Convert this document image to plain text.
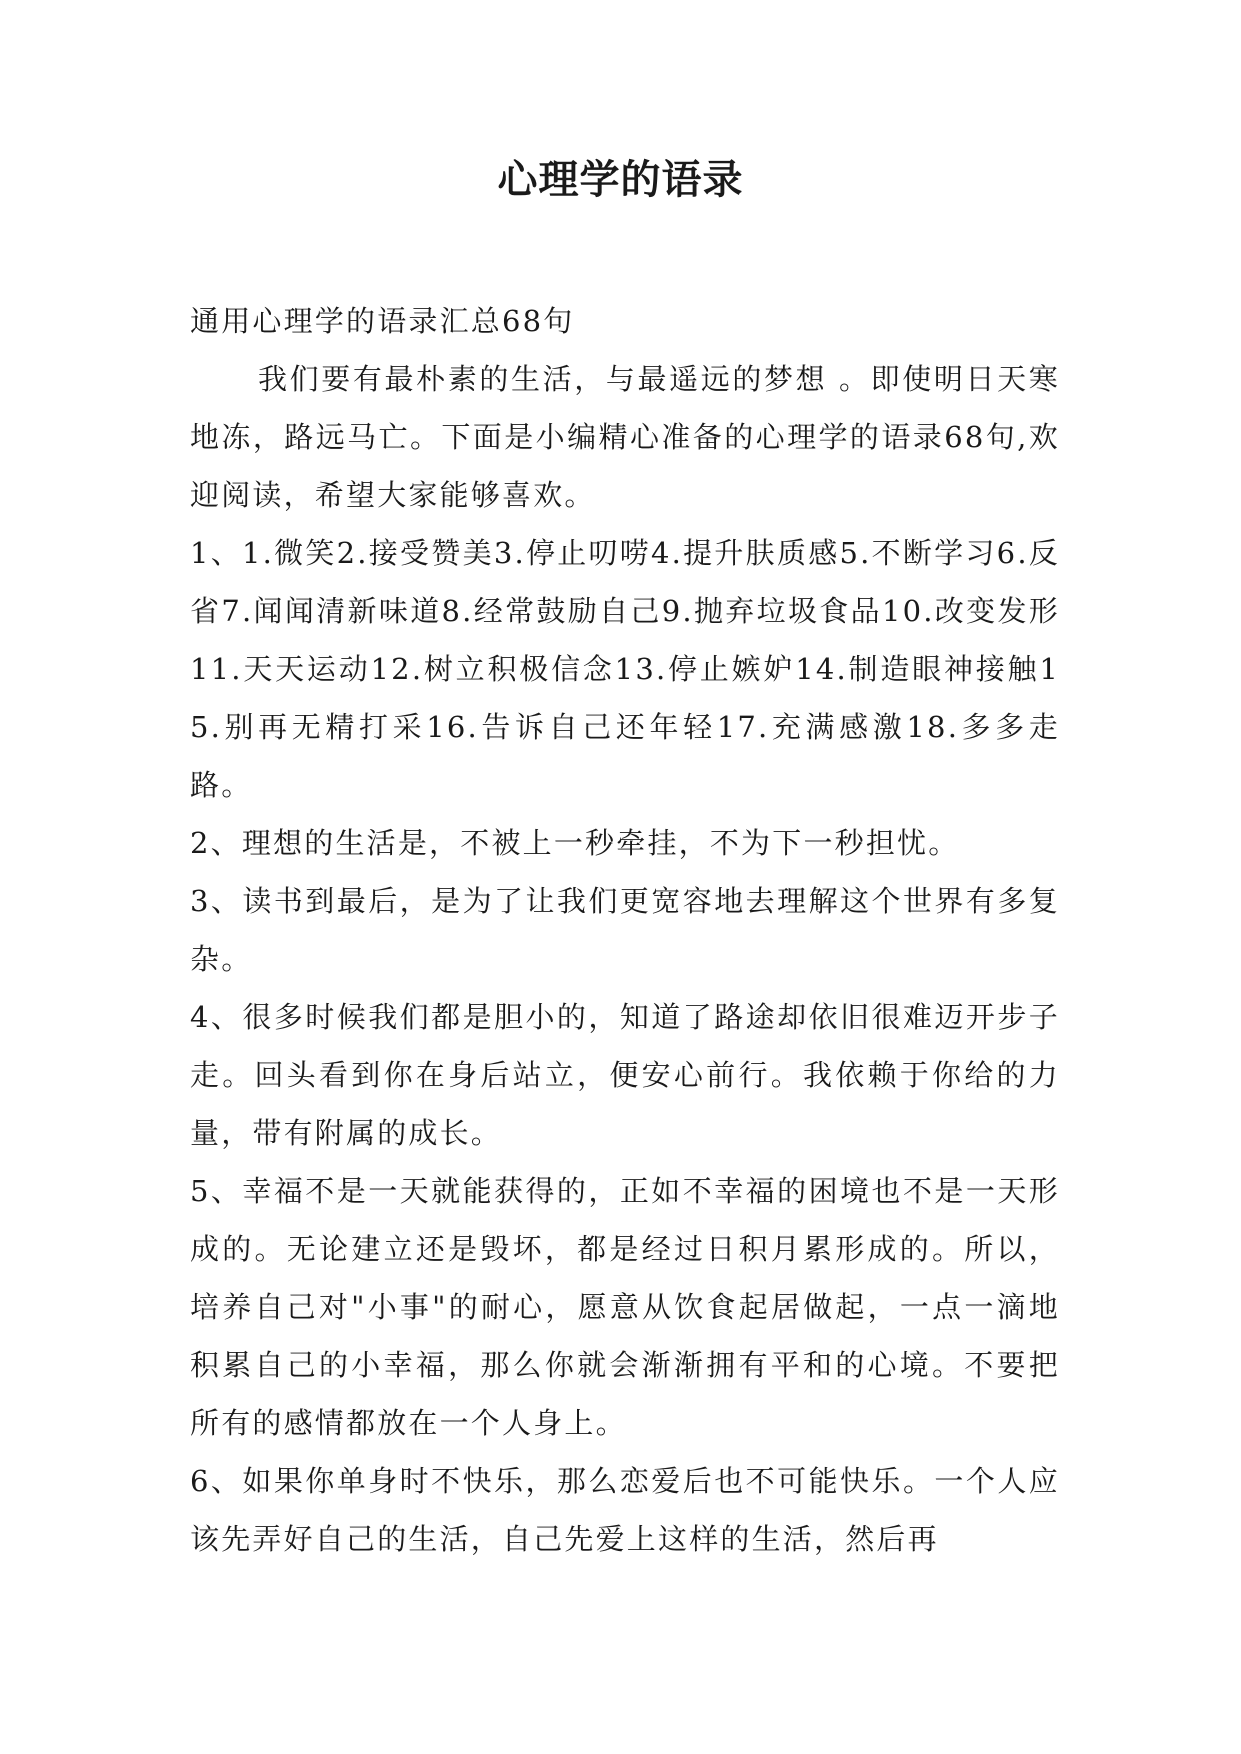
心理学的语录

通用心理学的语录汇总68句

我们要有最朴素的生活，与最遥远的梦想 。即使明日天寒地冻，路远马亡。下面是小编精心准备的心理学的语录68句,欢迎阅读，希望大家能够喜欢。

1、1.微笑2.接受赞美3.停止叨唠4.提升肤质感5.不断学习6.反省7.闻闻清新味道8.经常鼓励自己9.抛弃垃圾食品10.改变发形11.天天运动12.树立积极信念13.停止嫉妒14.制造眼神接触15.别再无精打采16.告诉自己还年轻17.充满感激18.多多走路。

2、理想的生活是，不被上一秒牵挂，不为下一秒担忧。

3、读书到最后，是为了让我们更宽容地去理解这个世界有多复杂。

4、很多时候我们都是胆小的，知道了路途却依旧很难迈开步子走。回头看到你在身后站立，便安心前行。我依赖于你给的力量，带有附属的成长。

5、幸福不是一天就能获得的，正如不幸福的困境也不是一天形成的。无论建立还是毁坏，都是经过日积月累形成的。所以，培养自己对"小事"的耐心，愿意从饮食起居做起，一点一滴地积累自己的小幸福，那么你就会渐渐拥有平和的心境。不要把所有的感情都放在一个人身上。

6、如果你单身时不快乐，那么恋爱后也不可能快乐。一个人应该先弄好自己的生活，自己先爱上这样的生活，然后再
